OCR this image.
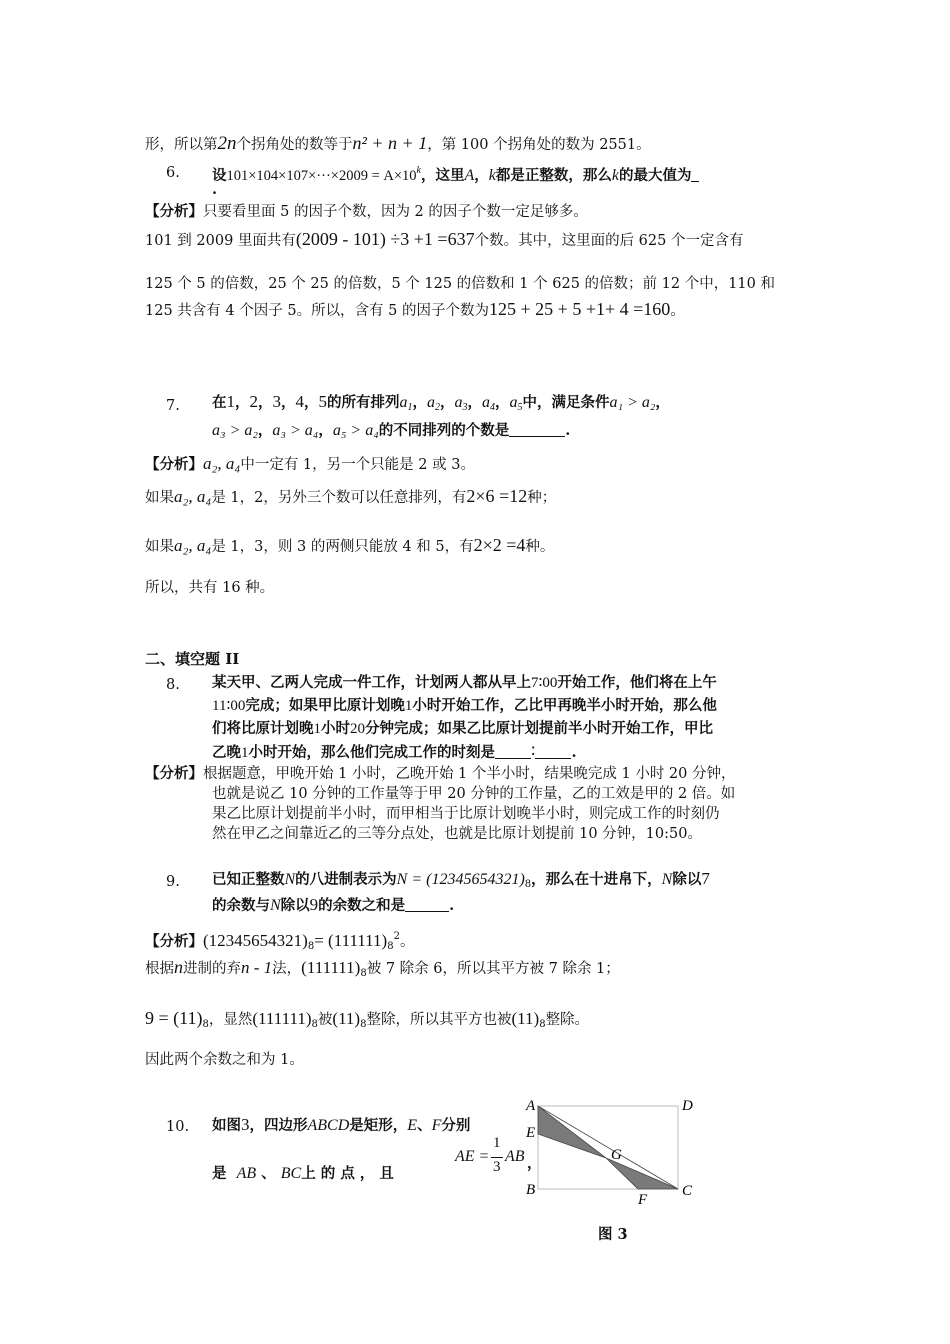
形，所以第2n个拐角处的数等于n² + n + 1，第 100 个拐角处的数为 2551。
6. 设$101\times 104\times 107\times\cdot\cdot\cdot\times 2009 = A\times 10^k$，这里A，k都是正整数，那么k的最大值为
.
【分析】只要看里面 5 的因子个数，因为 2 的因子个数一定足够多。
101 到 2009 里面共有(2009 - 101) ÷3 +1 =637个数。其中，这里面的后 625 个一定含有
125 个 5 的倍数，25 个 25 的倍数，5 个 125 的倍数和 1 个 625 的倍数；前 12 个中，110 和
125 共含有 4 个因子 5。所以，含有 5 的因子个数为125 + 25 + 5 +1+ 4 =160。
7. 在1，2，3，4，5的所有排列$a_1$，$a_2$，$a_3$，$a_4$，$a_5$中，满足条件a₁ > a₂，
a₃ > a₂，a₃ > a₄，a₅ > a₄的不同排列的个数是	.
【分析】a₂, a₄中一定有 1，另一个只能是 2 或 3。
如果a₂, a₄是 1，2，另外三个数可以任意排列，有2×6 =12种；
如果a₂, a₄是 1，3，则 3 的两侧只能放 4 和 5，有2×2 =4种。
所以，共有 16 种。
二、填空题 II
8. 某天甲、乙两人完成一件工作，计划两人都从早上7∶00开始工作，他们将在上午
11∶00完成；如果甲比原计划晚1小时开始工作，乙比甲再晚半小时开始，那么他
们将比原计划晚1小时20分钟完成；如果乙比原计划提前半小时开始工作，甲比
乙晚1小时开始，那么他们完成工作的时刻是 ∶ .
【分析】根据题意，甲晚开始 1 小时，乙晚开始 1 个半小时，结果晚完成 1 小时 20 分钟，
也就是说乙 10 分钟的工作量等于甲 20 分钟的工作量，乙的工效是甲的 2 倍。如
果乙比原计划提前半小时，而甲相当于比原计划晚半小时，则完成工作的时刻仍
然在甲乙之间靠近乙的三等分点处，也就是比原计划提前 10 分钟，10:50。
9. 已知正整数N的八进制表示为$N = (12345654321)_8$，那么在十进帛下，N除以7
的余数与N除以9的余数之和是	.
【分析】$(12345654321)_8= (111111)_8^2$。
根据n进制的弃n - 1法，$(111111)_8$被 7 除余 6，所以其平方被 7 除余 1；
$9 = (11)_8$，显然$(111111)_8$被$(11)_8$整除，所以其平方也被$(11)_8$整除。
因此两个余数之和为 1。
10. 如图3，四边形ABCD是矩形，E、F分别
是 AB 、 BC上 的 点 ， 且
AE =
1
3
AB ，
A
E
B
D
C
G
F
图 3
